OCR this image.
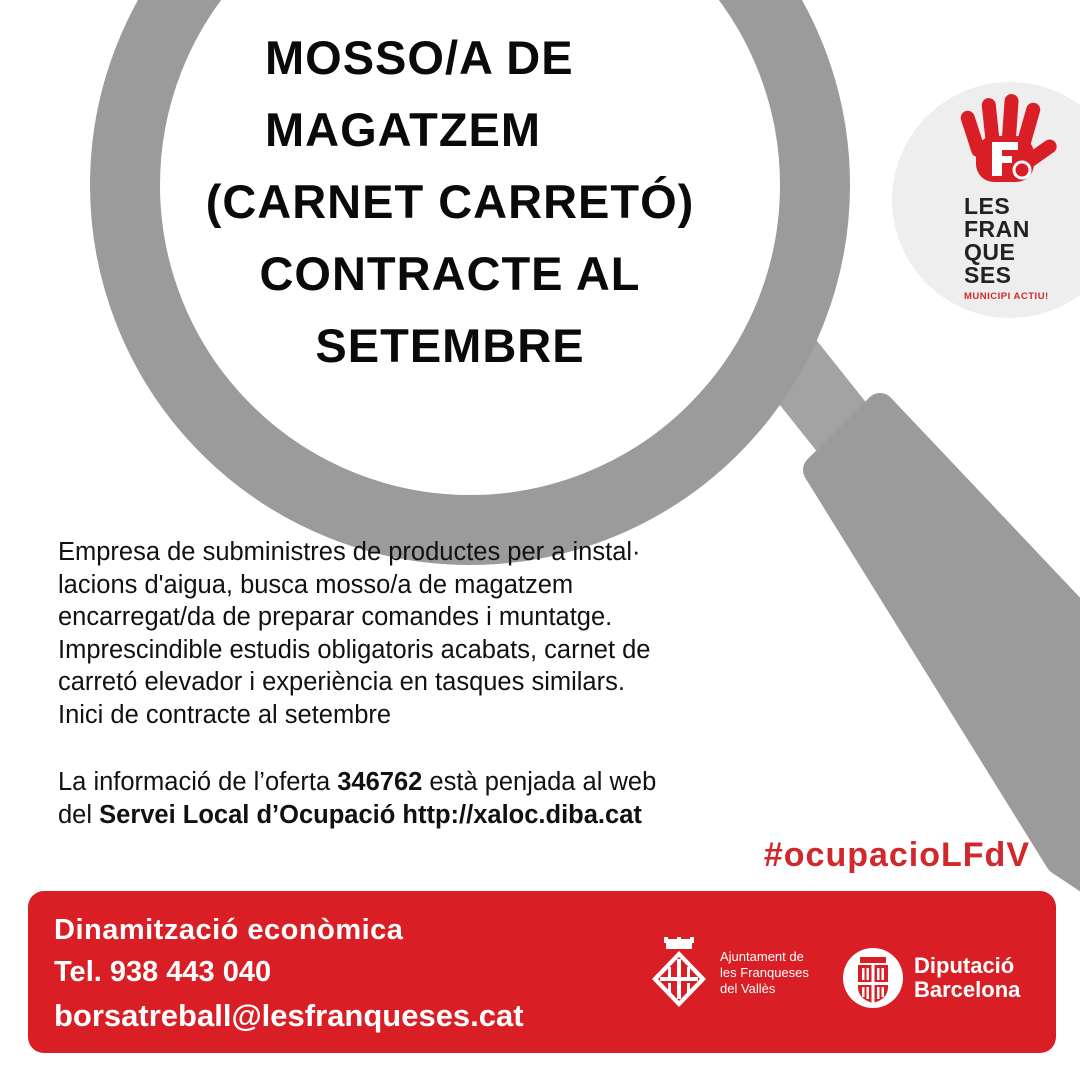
MOSSO/A DE
MAGATZEM
(CARNET CARRETÓ)
CONTRACTE AL
SETEMBRE
LES
FRAN
QUE
SES
MUNICIPI ACTIU!

Empresa de subministres de productes per a instal·

lacions d'aigua, busca mosso/a de magatzem

encarregat/da de preparar comandes i muntatge.

Imprescindible estudis obligatoris acabats, carnet de

carretó elevador i experiència en tasques similars.

Inici de contracte al setembre

La informació de l’oferta 346762 està penjada al web
del Servei Local d’Ocupació http://xaloc.diba.cat
#ocupacioLFdV
Dinamització econòmica
Tel. 938 443 040
borsatreball@lesfranqueses.cat
Ajuntament de
les Franqueses
del Vallès
Diputació
Barcelona
